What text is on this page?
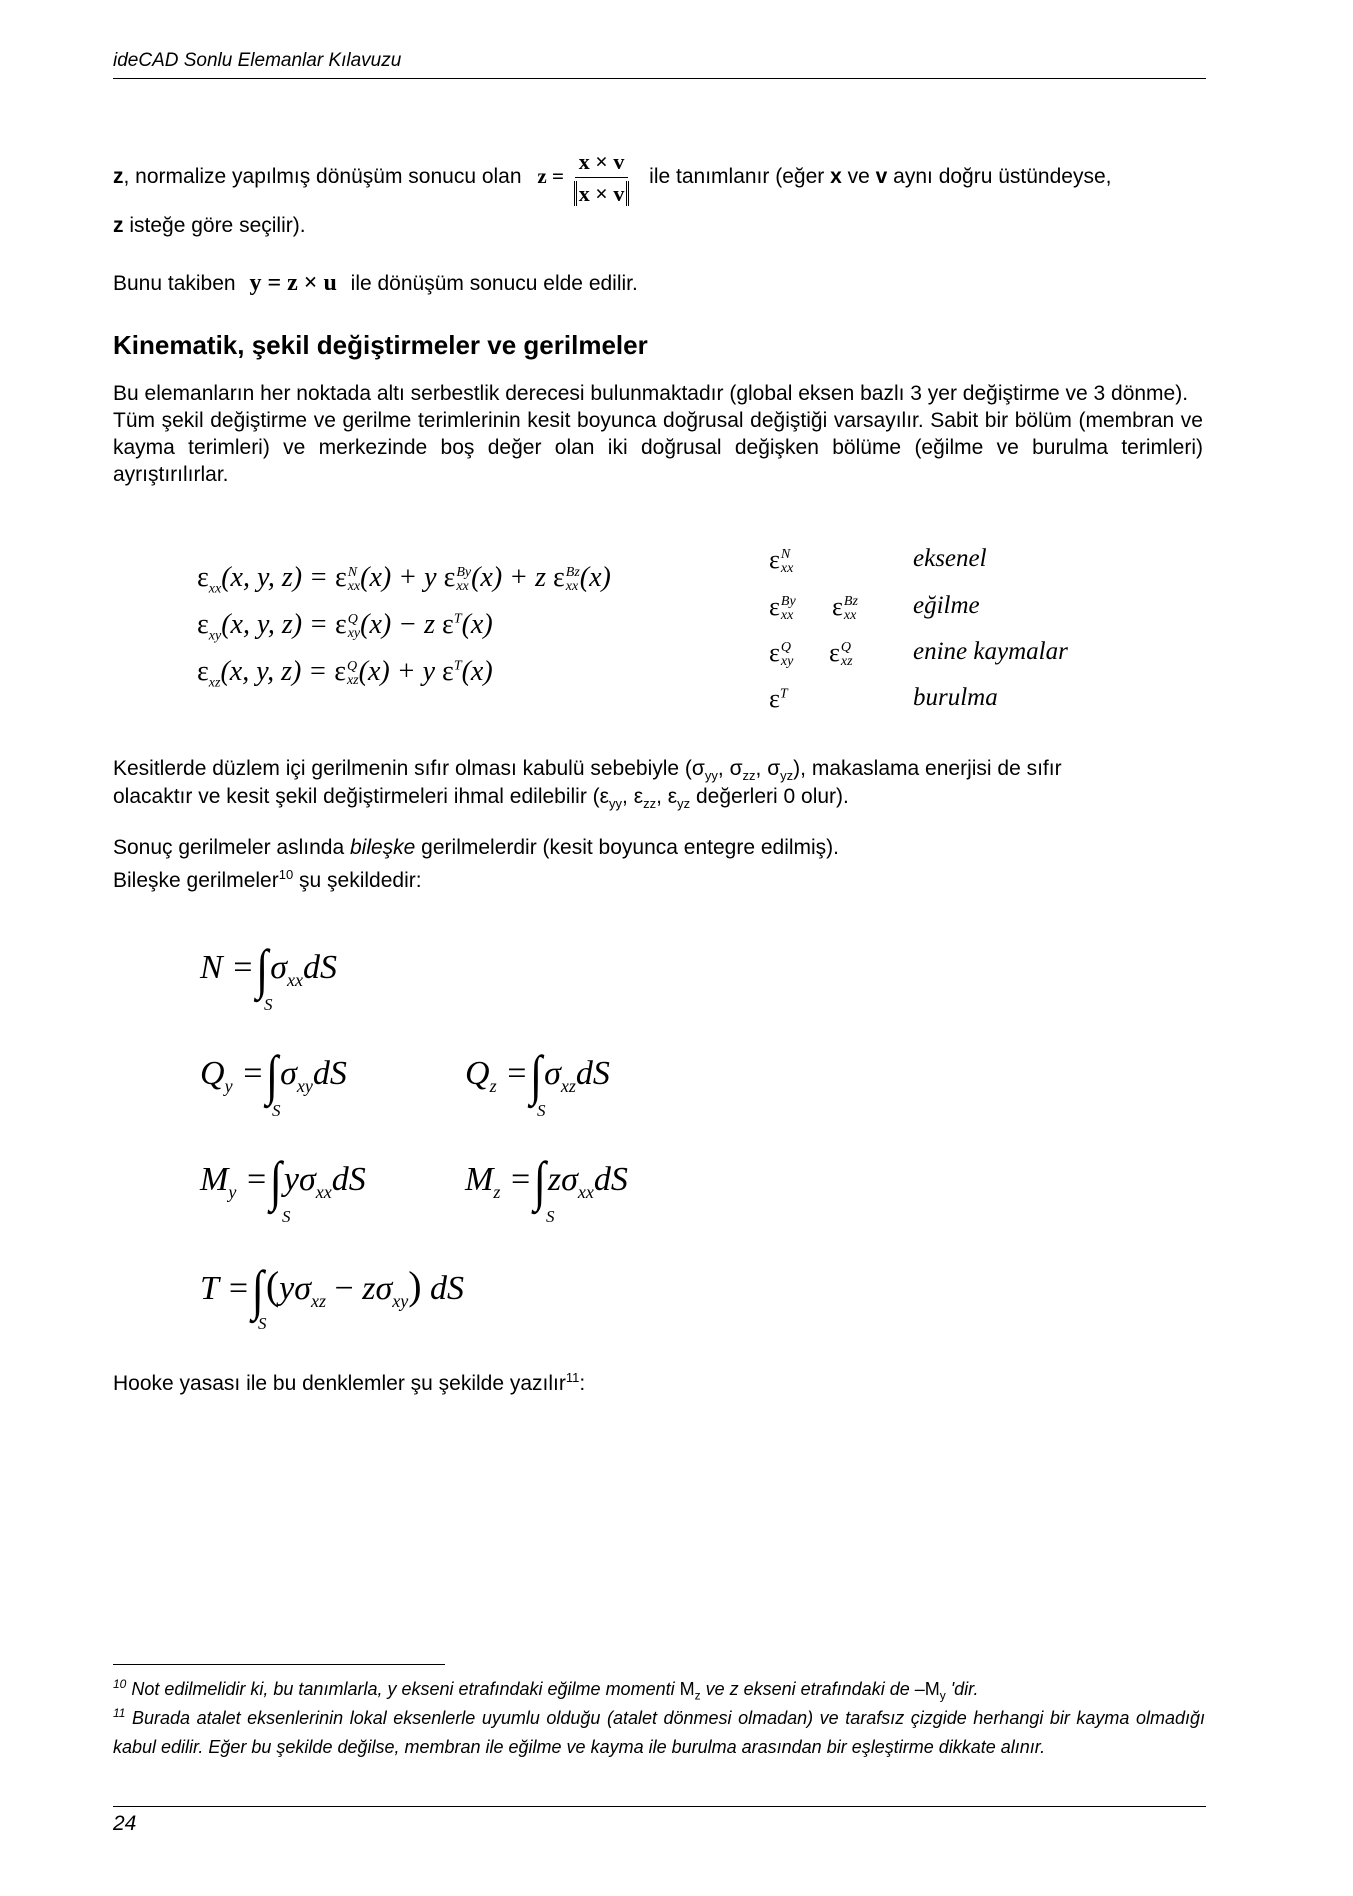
ideCAD Sonlu Elemanlar Kılavuzu
z, normalize yapılmış dönüşüm sonucu olan $z = \frac{x \times v}{x \times v}$ ile tanımlanır (eğer x ve v aynı doğru üstündeyse,
z isteğe göre seçilir).
Bunu takiben y = z × u ile dönüşüm sonucu elde edilir.
Kinematik, şekil değiştirmeler ve gerilmeler
Bu elemanların her noktada altı serbestlik derecesi bulunmaktadır (global eksen bazlı 3 yer değiştirme ve 3 dönme).
Tüm şekil değiştirme ve gerilme terimlerinin kesit boyunca doğrusal değiştiği varsayılır. Sabit bir bölüm (membran ve kayma terimleri) ve merkezinde boş değer olan iki doğrusal değişken bölüme (eğilme ve burulma terimleri) ayrıştırılırlar.
$\varepsilon_{xx}(x$, y, z) = ε N
xx (x) + y ε By
xx (x) + z ε Bz
xx (x)
$\varepsilon_{xy}(x$, y, z) = ε Q
xy (x) − z $\varepsilon^T(x)$
$\varepsilon_{xz}(x$, y, z) = ε Q
xz (x) + y $\varepsilon^T(x)$
ε N
xx	eksenel
ε By
xx ε Bz
xx eğilme
ε Q
xy ε Q
xz enine kaymalar
$\varepsilon^T$	burulma
Kesitlerde düzlem içi gerilmenin sıfır olması kabulü sebebiyle ($\sigma_{yy}$, $\sigma_{zz}$, $\sigma_{yz}$), makaslama enerjisi de sıfır
olacaktır ve kesit şekil değiştirmeleri ihmal edilebilir ($\varepsilon_{yy}$, $\varepsilon_{zz}$, $\varepsilon_{yz}$ değerleri 0 olur).
Sonuç gerilmeler aslında bileşke gerilmelerdir (kesit boyunca entegre edilmiş).
Bileşke gerilmeler$^{10}$ şu şekildedir:
$N =\int\sigma_{xx}dS$
S
$Q_y =\int\sigma_{xy}dS$
S
$Q_z =\int\sigma_{xz}dS$
S
$M_y =\int y\sigma_{xx}dS$
S
$M_z =\int z\sigma_{xx}dS$
S
$T =\int(y\sigma_{xz} - z\sigma_{xy})$ dS
S
Hooke yasası ile bu denklemler şu şekilde yazılır$^{11}$:
$^{10}$ Not edilmelidir ki, bu tanımlarla, y ekseni etrafındaki eğilme momenti $M_z$ ve z ekseni etrafındaki de $-M_y$ 'dir.
$^{11}$ Burada atalet eksenlerinin lokal eksenlerle uyumlu olduğu (atalet dönmesi olmadan) ve tarafsız çizgide herhangi bir kayma olmadığı kabul edilir. Eğer bu şekilde değilse, membran ile eğilme ve kayma ile burulma arasından bir eşleştirme dikkate alınır.
24
